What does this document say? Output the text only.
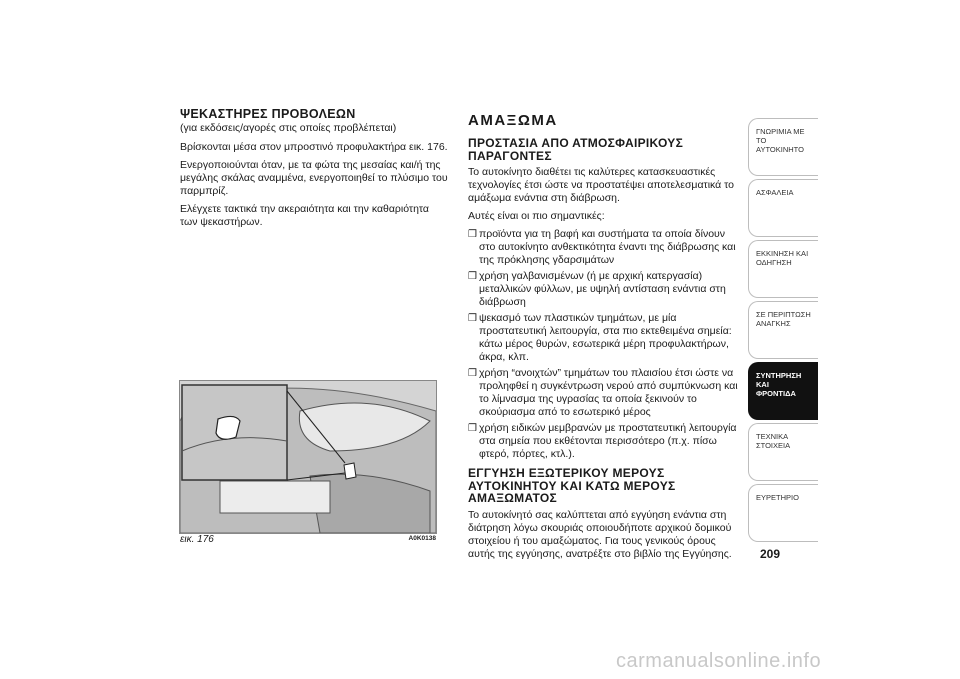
ΨΕΚΑΣΤΗΡΕΣ ΠΡΟΒΟΛΕΩΝ

(για εκδόσεις/αγορές στις οποίες προβλέπεται)

Βρίσκονται μέσα στον μπροστινό προφυλακτήρα εικ. 176.

Ενεργοποιούνται όταν, με τα φώτα της μεσαίας και/ή της μεγάλης σκάλας αναμμένα, ενεργοποιηθεί το πλύσιμο του παρμπρίζ.

Ελέγχετε τακτικά την ακεραιότητα και την καθαριότητα των ψεκαστήρων.

εικ. 176	A0K0138

ΑΜΑΞΩΜΑ

ΠΡΟΣΤΑΣΙΑ ΑΠΟ ΑΤΜΟΣΦΑΙΡΙΚΟΥΣ ΠΑΡΑΓΟΝΤΕΣ

Το αυτοκίνητο διαθέτει τις καλύτερες κατασκευαστικές τεχνολογίες έτσι ώστε να προστατέψει αποτελεσματικά το αμάξωμα ενάντια στη διάβρωση.

Αυτές είναι οι πιο σημαντικές:

❒ προϊόντα για τη βαφή και συστήματα τα οποία δίνουν στο αυτοκίνητο ανθεκτικότητα έναντι της διάβρωσης και της πρόκλησης γδαρσιμάτων
❒ χρήση γαλβανισμένων (ή με αρχική κατεργασία) μεταλλικών φύλλων, με υψηλή αντίσταση ενάντια στη διάβρωση
❒ ψεκασμό των πλαστικών τμημάτων, με μία προστατευτική λειτουργία, στα πιο εκτεθειμένα σημεία: κάτω μέρος θυρών, εσωτερικά μέρη προφυλακτήρων, άκρα, κλπ.
❒ χρήση “ανοιχτών” τμημάτων του πλαισίου έτσι ώστε να προληφθεί η συγκέντρωση νερού από συμπύκνωση και το λίμνασμα της υγρασίας τα οποία ξεκινούν το σκούριασμα από το εσωτερικό μέρος
❒ χρήση ειδικών μεμβρανών με προστατευτική λειτουργία στα σημεία που εκθέτονται περισσότερο (π.χ. πίσω φτερό, πόρτες, κτλ.).

ΕΓΓΥΗΣΗ ΕΞΩΤΕΡΙΚΟΥ ΜΕΡΟΥΣ ΑΥΤΟΚΙΝΗΤΟΥ ΚΑΙ ΚΑΤΩ ΜΕΡΟΥΣ ΑΜΑΞΩΜΑΤΟΣ

Το αυτοκίνητό σας καλύπτεται από εγγύηση ενάντια στη διάτρηση λόγω σκουριάς οποιουδήποτε αρχικού δομικού στοιχείου ή του αμαξώματος. Για τους γενικούς όρους αυτής της εγγύησης, ανατρέξτε στο βιβλίο της Εγγύησης.

ΓΝΩΡΙΜΙΑ ΜΕ ΤΟ
ΑΥΤΟΚΙΝΗΤΟ
ΑΣΦΑΛΕΙΑ

ΕΚΚΙΝΗΣΗ ΚΑΙ
ΟΔΗΓΗΣΗ
ΣΕ ΠΕΡΙΠΤΩΣΗ
ΑΝΑΓΚΗΣ
ΣΥΝΤΗΡΗΣΗ ΚΑΙ
ΦΡΟΝΤΙΔΑ
ΤΕΧΝΙΚΑ ΣΤΟΙΧΕΙΑ

ΕΥΡΕΤΗΡΙΟ

209
carmanualsonline.info
